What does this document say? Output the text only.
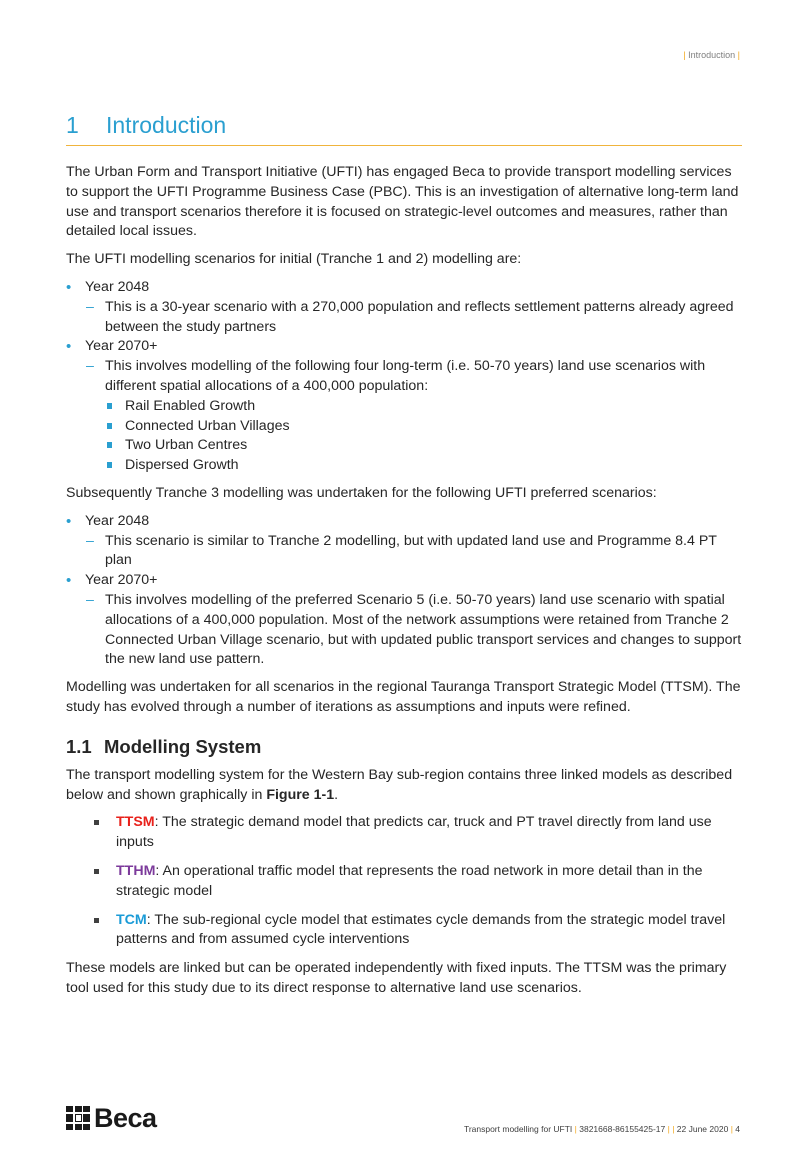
| Introduction |
1 Introduction

The Urban Form and Transport Initiative (UFTI) has engaged Beca to provide transport modelling services to support the UFTI Programme Business Case (PBC). This is an investigation of alternative long-term land use and transport scenarios therefore it is focused on strategic-level outcomes and measures, rather than detailed local issues.

The UFTI modelling scenarios for initial (Tranche 1 and 2) modelling are:

• Year 2048
– This is a 30-year scenario with a 270,000 population and reflects settlement patterns already agreed between the study partners
• Year 2070+
– This involves modelling of the following four long-term (i.e. 50-70 years) land use scenarios with different spatial allocations of a 400,000 population:
Rail Enabled Growth
Connected Urban Villages
Two Urban Centres
Dispersed Growth

Subsequently Tranche 3 modelling was undertaken for the following UFTI preferred scenarios:

• Year 2048
– This scenario is similar to Tranche 2 modelling, but with updated land use and Programme 8.4 PT plan
• Year 2070+
– This involves modelling of the preferred Scenario 5 (i.e. 50-70 years) land use scenario with spatial allocations of a 400,000 population. Most of the network assumptions were retained from Tranche 2 Connected Urban Village scenario, but with updated public transport services and changes to support the new land use pattern.

Modelling was undertaken for all scenarios in the regional Tauranga Transport Strategic Model (TTSM). The study has evolved through a number of iterations as assumptions and inputs were refined.

1.1 Modelling System

The transport modelling system for the Western Bay sub-region contains three linked models as described below and shown graphically in Figure 1-1.

TTSM: The strategic demand model that predicts car, truck and PT travel directly from land use inputs
TTHM: An operational traffic model that represents the road network in more detail than in the strategic model
TCM: The sub-regional cycle model that estimates cycle demands from the strategic model travel patterns and from assumed cycle interventions

These models are linked but can be operated independently with fixed inputs. The TTSM was the primary tool used for this study due to its direct response to alternative land use scenarios.

Beca	Transport modelling for UFTI | 3821668-86155425-17 | | 22 June 2020 | 4
